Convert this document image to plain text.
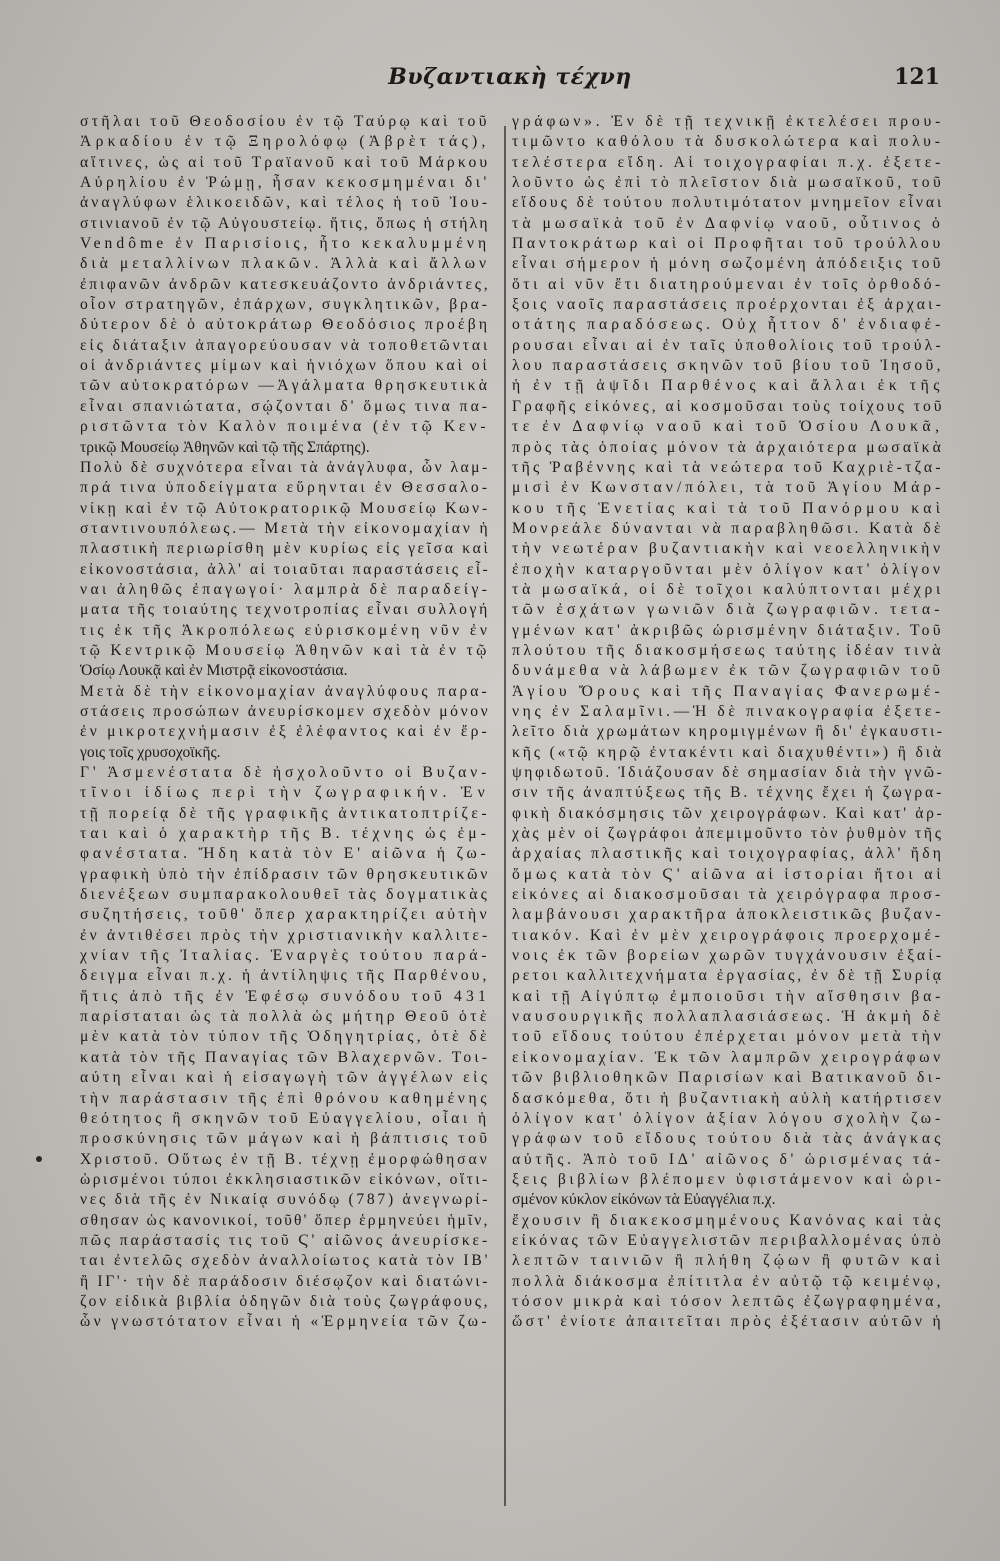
Βυζαντιακὴ τέχνη	121
στῆλαι τοῦ Θεοδοσίου ἐν τῷ Ταύρῳ καὶ τοῦ
Ἀρκαδίου ἐν τῷ Ξηρολόφῳ (Ἀβρὲτ τάς),
αἵτινες, ὡς αἱ τοῦ Τραϊανοῦ καὶ τοῦ Μάρκου
Αὐρηλίου ἐν Ῥώμῃ, ἦσαν κεκοσμημέναι δι'
ἀναγλύφων ἑλικοειδῶν, καὶ τέλος ἡ τοῦ Ἰου-
στινιανοῦ ἐν τῷ Αὐγουστείῳ. ἥτις, ὅπως ἡ στήλη
Vendôme ἐν Παρισίοις, ἦτο κεκαλυμμένη
διὰ μεταλλίνων πλακῶν. Ἀλλὰ καὶ ἄλλων
ἐπιφανῶν ἀνδρῶν κατεσκευάζοντο ἀνδριάντες,
οἷον στρατηγῶν, ἐπάρχων, συγκλητικῶν, βρα-
δύτερον δὲ ὁ αὐτοκράτωρ Θεοδόσιος προέβη
εἰς διάταξιν ἀπαγορεύουσαν νὰ τοποθετῶνται
οἱ ἀνδριάντες μίμων καὶ ἡνιόχων ὅπου καὶ οἱ
τῶν αὐτοκρατόρων —Ἀγάλματα θρησκευτικὰ
εἶναι σπανιώτατα, σῴζονται δ' ὅμως τινα πα-
ριστῶντα τὸν Καλὸν ποιμένα (ἐν τῷ Κεν-
τρικῷ Μουσείῳ Ἀθηνῶν καὶ τῷ τῆς Σπάρτης).
Πολὺ δὲ συχνότερα εἶναι τὰ ἀνάγλυφα, ὧν λαμ-
πρά τινα ὑποδείγματα εὕρηνται ἐν Θεσσαλο-
νίκῃ καὶ ἐν τῷ Αὐτοκρατορικῷ Μουσείῳ Κων-
σταντινουπόλεως.— Μετὰ τὴν εἰκονομαχίαν ἡ
πλαστικὴ περιωρίσθη μὲν κυρίως εἰς γεῖσα καὶ
εἰκονοστάσια, ἀλλ' αἱ τοιαῦται παραστάσεις εἶ-
ναι ἀληθῶς ἐπαγωγοί· λαμπρὰ δὲ παραδείγ-
ματα τῆς τοιαύτης τεχνοτροπίας εἶναι συλλογή
τις ἐκ τῆς Ἀκροπόλεως εὑρισκομένη νῦν ἐν
τῷ Κεντρικῷ Μουσείῳ Ἀθηνῶν καὶ τὰ ἐν τῷ
Ὁσίῳ Λουκᾷ καὶ ἐν Μιστρᾷ εἰκονοστάσια.
Μετὰ δὲ τὴν εἰκονομαχίαν ἀναγλύφους παρα-
στάσεις προσώπων ἀνευρίσκομεν σχεδὸν μόνον
ἐν μικροτεχνήμασιν ἐξ ἐλέφαντος καὶ ἐν ἔρ-
γοις τοῖς χρυσοχοϊκῆς.
Γ' Ἀσμενέστατα δὲ ἠσχολοῦντο οἱ Βυζαν-
τῖνοι ἰδίως περὶ τὴν ζωγραφικήν. Ἐν
τῇ πορείᾳ δὲ τῆς γραφικῆς ἀντικατοπτρίζε-
ται καὶ ὁ χαρακτὴρ τῆς Β. τέχνης ὡς ἐμ-
φανέστατα. Ἤδη κατὰ τὸν Ε' αἰῶνα ἡ ζω-
γραφικὴ ὑπὸ τὴν ἐπίδρασιν τῶν θρησκευτικῶν
διενέξεων συμπαρακολουθεῖ τὰς δογματικὰς
συζητήσεις, τοῦθ' ὅπερ χαρακτηρίζει αὐτὴν
ἐν ἀντιθέσει πρὸς τὴν χριστιανικὴν καλλιτε-
χνίαν τῆς Ἰταλίας. Ἐναργὲς τούτου παρά-
δειγμα εἶναι π.χ. ἡ ἀντίληψις τῆς Παρθένου,
ἥτις ἀπὸ τῆς ἐν Ἐφέσῳ συνόδου τοῦ 431
παρίσταται ὡς τὰ πολλὰ ὡς μήτηρ Θεοῦ ὁτὲ
μὲν κατὰ τὸν τύπον τῆς Ὁδηγητρίας, ὁτὲ δὲ
κατὰ τὸν τῆς Παναγίας τῶν Βλαχερνῶν. Τοι-
αύτη εἶναι καὶ ἡ εἰσαγωγὴ τῶν ἀγγέλων εἰς
τὴν παράστασιν τῆς ἐπὶ θρόνου καθημένης
θεότητος ἢ σκηνῶν τοῦ Εὐαγγελίου, οἷαι ἡ
προσκύνησις τῶν μάγων καὶ ἡ βάπτισις τοῦ
Χριστοῦ. Οὕτως ἐν τῇ Β. τέχνῃ ἐμορφώθησαν
ὡρισμένοι τύποι ἐκκλησιαστικῶν εἰκόνων, οἵτι-
νες διὰ τῆς ἐν Νικαίᾳ συνόδῳ (787) ἀνεγνωρί-
σθησαν ὡς κανονικοί, τοῦθ' ὅπερ ἑρμηνεύει ἡμῖν,
πῶς παράστασίς τις τοῦ Ϛ' αἰῶνος ἀνευρίσκε-
ται ἐντελῶς σχεδὸν ἀναλλοίωτος κατὰ τὸν ΙΒ'
ἢ ΙΓ'· τὴν δὲ παράδοσιν διέσῳζον καὶ διατώνι-
ζον εἰδικὰ βιβλία ὁδηγῶν διὰ τοὺς ζωγράφους,
ὧν γνωστότατον εἶναι ἡ «Ἑρμηνεία τῶν ζω-
γράφων». Ἐν δὲ τῇ τεχνικῇ ἐκτελέσει πρου-
τιμῶντο καθόλου τὰ δυσκολώτερα καὶ πολυ-
τελέστερα εἴδη. Αἱ τοιχογραφίαι π.χ. ἐξετε-
λοῦντο ὡς ἐπὶ τὸ πλεῖστον διὰ μωσαϊκοῦ, τοῦ
εἴδους δὲ τούτου πολυτιμότατον μνημεῖον εἶναι
τὰ μωσαϊκὰ τοῦ ἐν Δαφνίῳ ναοῦ, οὗτινος ὁ
Παντοκράτωρ καὶ οἱ Προφῆται τοῦ τρούλλου
εἶναι σήμερον ἡ μόνη σωζομένη ἀπόδειξις τοῦ
ὅτι αἱ νῦν ἔτι διατηρούμεναι ἐν τοῖς ὀρθοδό-
ξοις ναοῖς παραστάσεις προέρχονται ἐξ ἀρχαι-
οτάτης παραδόσεως. Οὐχ ἧττον δ' ἐνδιαφέ-
ρουσαι εἶναι αἱ ἐν ταῖς ὑποθολίοις τοῦ τρούλ-
λου παραστάσεις σκηνῶν τοῦ βίου τοῦ Ἰησοῦ,
ἡ ἐν τῇ ἁψῖδι Παρθένος καὶ ἄλλαι ἐκ τῆς
Γραφῆς εἰκόνες, αἱ κοσμοῦσαι τοὺς τοίχους τοῦ
τε ἐν Δαφνίῳ ναοῦ καὶ τοῦ Ὁσίου Λουκᾶ,
πρὸς τὰς ὁποίας μόνον τὰ ἀρχαιότερα μωσαϊκὰ
τῆς Ῥαβέννης καὶ τὰ νεώτερα τοῦ Καχριὲ-τζα-
μισὶ ἐν Κωνσταν/πόλει, τὰ τοῦ Ἁγίου Μάρ-
κου τῆς Ἑνετίας καὶ τὰ τοῦ Πανόρμου καὶ
Μονρεάλε δύνανται νὰ παραβληθῶσι. Κατὰ δὲ
τὴν νεωτέραν βυζαντιακὴν καὶ νεοελληνικὴν
ἐποχὴν καταργοῦνται μὲν ὀλίγον κατ' ὀλίγον
τὰ μωσαϊκά, οἱ δὲ τοῖχοι καλύπτονται μέχρι
τῶν ἐσχάτων γωνιῶν διὰ ζωγραφιῶν. τετα-
γμένων κατ' ἀκριβῶς ὡρισμένην διάταξιν. Τοῦ
πλούτου τῆς διακοσμήσεως ταύτης ἰδέαν τινὰ
δυνάμεθα νὰ λάβωμεν ἐκ τῶν ζωγραφιῶν τοῦ
Ἁγίου Ὄρους καὶ τῆς Παναγίας Φανερωμέ-
νης ἐν Σαλαμῖνι.—Ἡ δὲ πινακογραφία ἐξετε-
λεῖτο διὰ χρωμάτων κηρομιγμένων ἢ δι' ἐγκαυστι-
κῆς («τῷ κηρῷ ἐντακέντι καὶ διαχυθέντι») ἢ διὰ
ψηφιδωτοῦ. Ἰδιάζουσαν δὲ σημασίαν διὰ τὴν γνῶ-
σιν τῆς ἀναπτύξεως τῆς Β. τέχνης ἔχει ἡ ζωγρα-
φικὴ διακόσμησις τῶν χειρογράφων. Καὶ κατ' ἀρ-
χὰς μὲν οἱ ζωγράφοι ἀπεμιμοῦντο τὸν ῥυθμὸν τῆς
ἀρχαίας πλαστικῆς καὶ τοιχογραφίας, ἀλλ' ἤδη
ὅμως κατὰ τὸν Ϛ' αἰῶνα αἱ ἱστορίαι ἤτοι αἱ
εἰκόνες αἱ διακοσμοῦσαι τὰ χειρόγραφα προσ-
λαμβάνουσι χαρακτῆρα ἀποκλειστικῶς βυζαν-
τιακόν. Καὶ ἐν μὲν χειρογράφοις προερχομέ-
νοις ἐκ τῶν βορείων χωρῶν τυγχάνουσιν ἐξαί-
ρετοι καλλιτεχνήματα ἐργασίας, ἐν δὲ τῇ Συρίᾳ
καὶ τῇ Αἰγύπτῳ ἐμποιοῦσι τὴν αἴσθησιν βα-
ναυσουργικῆς πολλαπλασιάσεως. Ἡ ἀκμὴ δὲ
τοῦ εἴδους τούτου ἐπέρχεται μόνον μετὰ τὴν
εἰκονομαχίαν. Ἐκ τῶν λαμπρῶν χειρογράφων
τῶν βιβλιοθηκῶν Παρισίων καὶ Βατικανοῦ δι-
δασκόμεθα, ὅτι ἡ βυζαντιακὴ αὐλὴ κατήρτισεν
ὀλίγον κατ' ὀλίγον ἀξίαν λόγου σχολὴν ζω-
γράφων τοῦ εἴδους τούτου διὰ τὰς ἀνάγκας
αὐτῆς. Ἀπὸ τοῦ ΙΔ' αἰῶνος δ' ὡρισμένας τά-
ξεις βιβλίων βλέπομεν ὑφιστάμενον καὶ ὡρι-
σμένον κύκλον εἰκόνων τὰ Εὐαγγέλια π.χ.
ἔχουσιν ἢ διακεκοσμημένους Κανόνας καὶ τὰς
εἰκόνας τῶν Εὐαγγελιστῶν περιβαλλομένας ὑπὸ
λεπτῶν ταινιῶν ἢ πλήθη ζῴων ἢ φυτῶν καὶ
πολλὰ διάκοσμα ἐπίτιτλα ἐν αὐτῷ τῷ κειμένῳ,
τόσον μικρὰ καὶ τόσον λεπτῶς ἐζωγραφημένα,
ὥστ' ἐνίοτε ἀπαιτεῖται πρὸς ἐξέτασιν αὐτῶν ἡ
